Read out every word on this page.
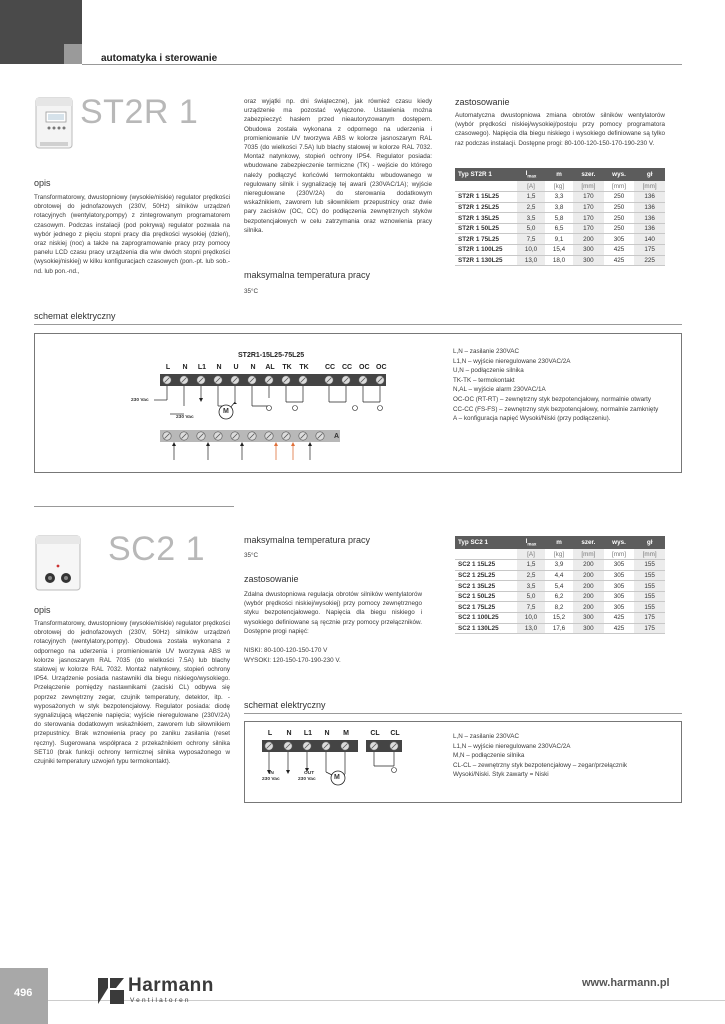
automatyka i sterowanie
ST2R 1
opis
Transformatorowy, dwustopniowy (wysokie/niskie) regulator prędkości obrotowej do jednofazowych (230V, 50Hz) silników urządzeń rotacyjnych (wentylatory,pompy) z zintegrowanym programatorem czasowym. Podczas instalacji (pod pokrywą) regulator pozwala na wybór jednego z pięciu stopni pracy dla prędkości wysokiej (dzień), oraz niskiej (noc) a także na zaprogramowanie pracy przy pomocy panelu LCD czasu pracy urządzenia dla w/w dwóch stopni prędkości (wysokiej/niskiej) w kilku konfiguracjach czasowych (pon.-pt. lub sob.-nd. lub pon.-nd.,
oraz wyjątki np. dni świąteczne), jak również czasu kiedy urządzenie ma pozostać wyłączone. Ustawienia można zabezpieczyć hasłem przed nieautoryzowanym dostępem. Obudowa została wykonana z odpornego na uderzenia i promieniowanie UV tworzywa ABS w kolorze jasnoszarym RAL 7035 (do wielkości 7.5A) lub blachy stalowej w kolorze RAL 7032. Montaż natynkowy, stopień ochrony IP54. Regulator posiada: wbudowane zabezpieczenie termiczne (TK) - wejście do którego należy podłączyć końcówki termokontaktu wbudowanego w regulowany silnik i sygnalizację tej awarii (230VAC/1A); wyjście nieregulowane (230V/2A) do sterowania dodatkowym wskaźnikiem, zaworem lub siłownikiem przepustnicy oraz dwie pary zacisków (OC, CC) do podłączenia zewnętrznych styków bezpotencjałowych w celu zatrzymania oraz wznowienia pracy silnika.
maksymalna temperatura pracy
35°C
zastosowanie
Automatyczna dwustopniowa zmiana obrotów silników wentylatorów (wybór prędkości niskiej/wysokiej/postoju przy pomocy programatora czasowego). Napięcia dla biegu niskiego i wysokiego definiowane są tylko raz podczas instalacji. Dostępne progi: 80-100-120-150-170-190-230 V.
Typ ST2R 1	$I_{max}$	m	szer.	wys.	gł
	[A]	[kg]	[mm]	[mm]	[mm]
ST2R 1 15L25	1,5	3,3	170	250	136
ST2R 1 25L25	2,5	3,8	170	250	136
ST2R 1 35L25	3,5	5,8	170	250	136
ST2R 1 50L25	5,0	6,5	170	250	136
ST2R 1 75L25	7,5	9,1	200	305	140
ST2R 1 100L25	10,0	15,4	300	425	175
ST2R 1 130L25	13,0	18,0	300	425	225
schemat elektryczny
ST2R1-15L25-75L25
L	N	L1	N	U	N	AL TK TK CC CC OC OC
230 Vac
230 Vac
M
A
L,N – zasilanie 230VAC
L1,N – wyjście nieregulowane 230VAC/2A
U,N – podłączenie silnika
TK-TK – termokontakt
N,AL – wyjście alarm 230VAC/1A
OC-OC (RT-RT) – zewnętrzny styk bezpotencjałowy, normalnie otwarty
CC-CC (FS-FS) – zewnętrzny styk bezpotencjałowy, normalnie zamknięty
A – konfiguracja napięć Wysoki/Niski (przy podłączeniu).
SC2 1
opis
Transformatorowy, dwustopniowy (wysokie/niskie) regulator prędkości obrotowej do jednofazowych (230V, 50Hz) silników urządzeń rotacyjnych (wentylatory,pompy). Obudowa została wykonana z odpornego na uderzenia i promieniowanie UV tworzywa ABS w kolorze jasnoszarym RAL 7035 (do wielkości 7.5A) lub blachy stalowej w kolorze RAL 7032. Montaż natynkowy, stopień ochrony IP54. Urządzenie posiada nastawniki dla biegu niskiego/wysokiego. Przełączenie pomiędzy nastawnikami (zaciski CL) odbywa się poprzez zewnętrzny zegar, czujnik temperatury, detektor, itp. - wyposażonych w styk bezpotencjałowy. Regulator posiada: diodę sygnalizującą włączenie napięcia; wyjście nieregulowane (230V/2A) do sterowania dodatkowym wskaźnikiem, zaworem lub siłownikiem przepustnicy. Brak wznowienia pracy po zaniku zasilania (reset ręczny). Sugerowana współpraca z przekaźnikiem ochrony silnika SET10 (brak funkcji ochrony termicznej silnika wyposażonego w czujniki temperatury uzwojeń typu termokontakt).
maksymalna temperatura pracy
35°C
zastosowanie
Zdalna dwustopniowa regulacja obrotów silników wentylatorów (wybór prędkości niskiej/wysokiej) przy pomocy zewnętrznego styku bezpotencjałowego. Napięcia dla biegu niskiego i wysokiego definiowane są ręcznie przy pomocy przełączników. Dostępne progi napięć:
NISKI: 80-100-120-150-170 V
WYSOKI: 120-150-170-190-230 V.
Typ SC2 1	$I_{max}$	m	szer.	wys.	gł
	[A]	[kg]	[mm]	[mm]	[mm]
SC2 1 15L25	1,5	3,9	200	305	155
SC2 1 25L25	2,5	4,4	200	305	155
SC2 1 35L25	3,5	5,4	200	305	155
SC2 1 50L25	5,0	6,2	200	305	155
SC2 1 75L25	7,5	8,2	200	305	155
SC2 1 100L25	10,0	15,2	300	425	175
SC2 1 130L25	13,0	17,6	300	425	175
schemat elektryczny
L	N	L1	N	M	CL CL
IN
230 Vac
OUT
230 Vac	M
L,N – zasilanie 230VAC
L1,N – wyjście nieregulowane 230VAC/2A
M,N – podłączenie silnika
CL-CL – zewnętrzny styk bezpotencjałowy – zegar/przełącznik
Wysoki/Niski. Styk zawarty = Niski
496	Harmann
Ventilatoren
www.harmann.pl
